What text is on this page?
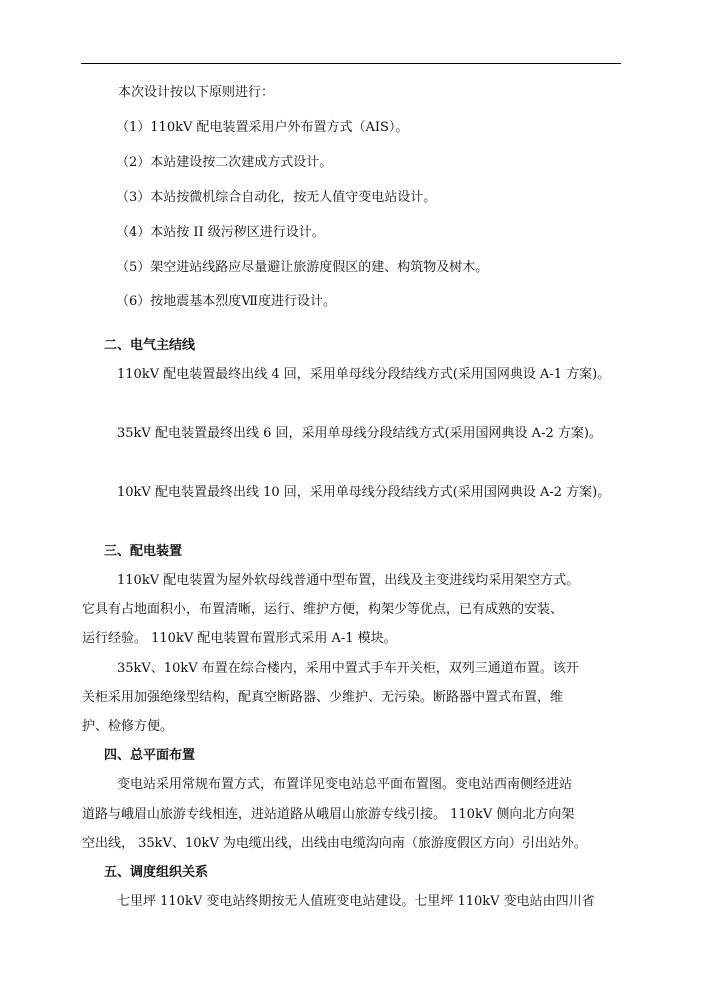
本次设计按以下原则进行：
（1）110kV 配电装置采用户外布置方式（AIS）。
（2）本站建设按二次建成方式设计。
（3）本站按微机综合自动化，按无人值守变电站设计。
（4）本站按 II 级污秽区进行设计。
（5）架空进站线路应尽量避让旅游度假区的建、构筑物及树木。
（6）按地震基本烈度Ⅶ度进行设计。
二、电气主结线
110kV 配电装置最终出线 4 回，采用单母线分段结线方式(采用国网典设 A-1 方案)。
35kV 配电装置最终出线 6 回，采用单母线分段结线方式(采用国网典设 A-2 方案)。
10kV 配电装置最终出线 10 回，采用单母线分段结线方式(采用国网典设 A-2 方案)。
三、配电装置
110kV 配电装置为屋外软母线普通中型布置，出线及主变进线均采用架空方式。
它具有占地面积小，布置清晰，运行、维护方便，构架少等优点，已有成熟的安装、
运行经验。 110kV 配电装置布置形式采用 A-1 模块。
35kV、10kV 布置在综合楼内，采用中置式手车开关柜，双列三通道布置。该开
关柜采用加强绝缘型结构，配真空断路器、少维护、无污染。断路器中置式布置，维
护、检修方便。
四、总平面布置
变电站采用常规布置方式，布置详见变电站总平面布置图。变电站西南侧经进站
道路与峨眉山旅游专线相连，进站道路从峨眉山旅游专线引接。 110kV 侧向北方向架
空出线， 35kV、10kV 为电缆出线，出线由电缆沟向南（旅游度假区方向）引出站外。
五、调度组织关系
七里坪 110kV 变电站终期按无人值班变电站建设。七里坪 110kV 变电站由四川省
